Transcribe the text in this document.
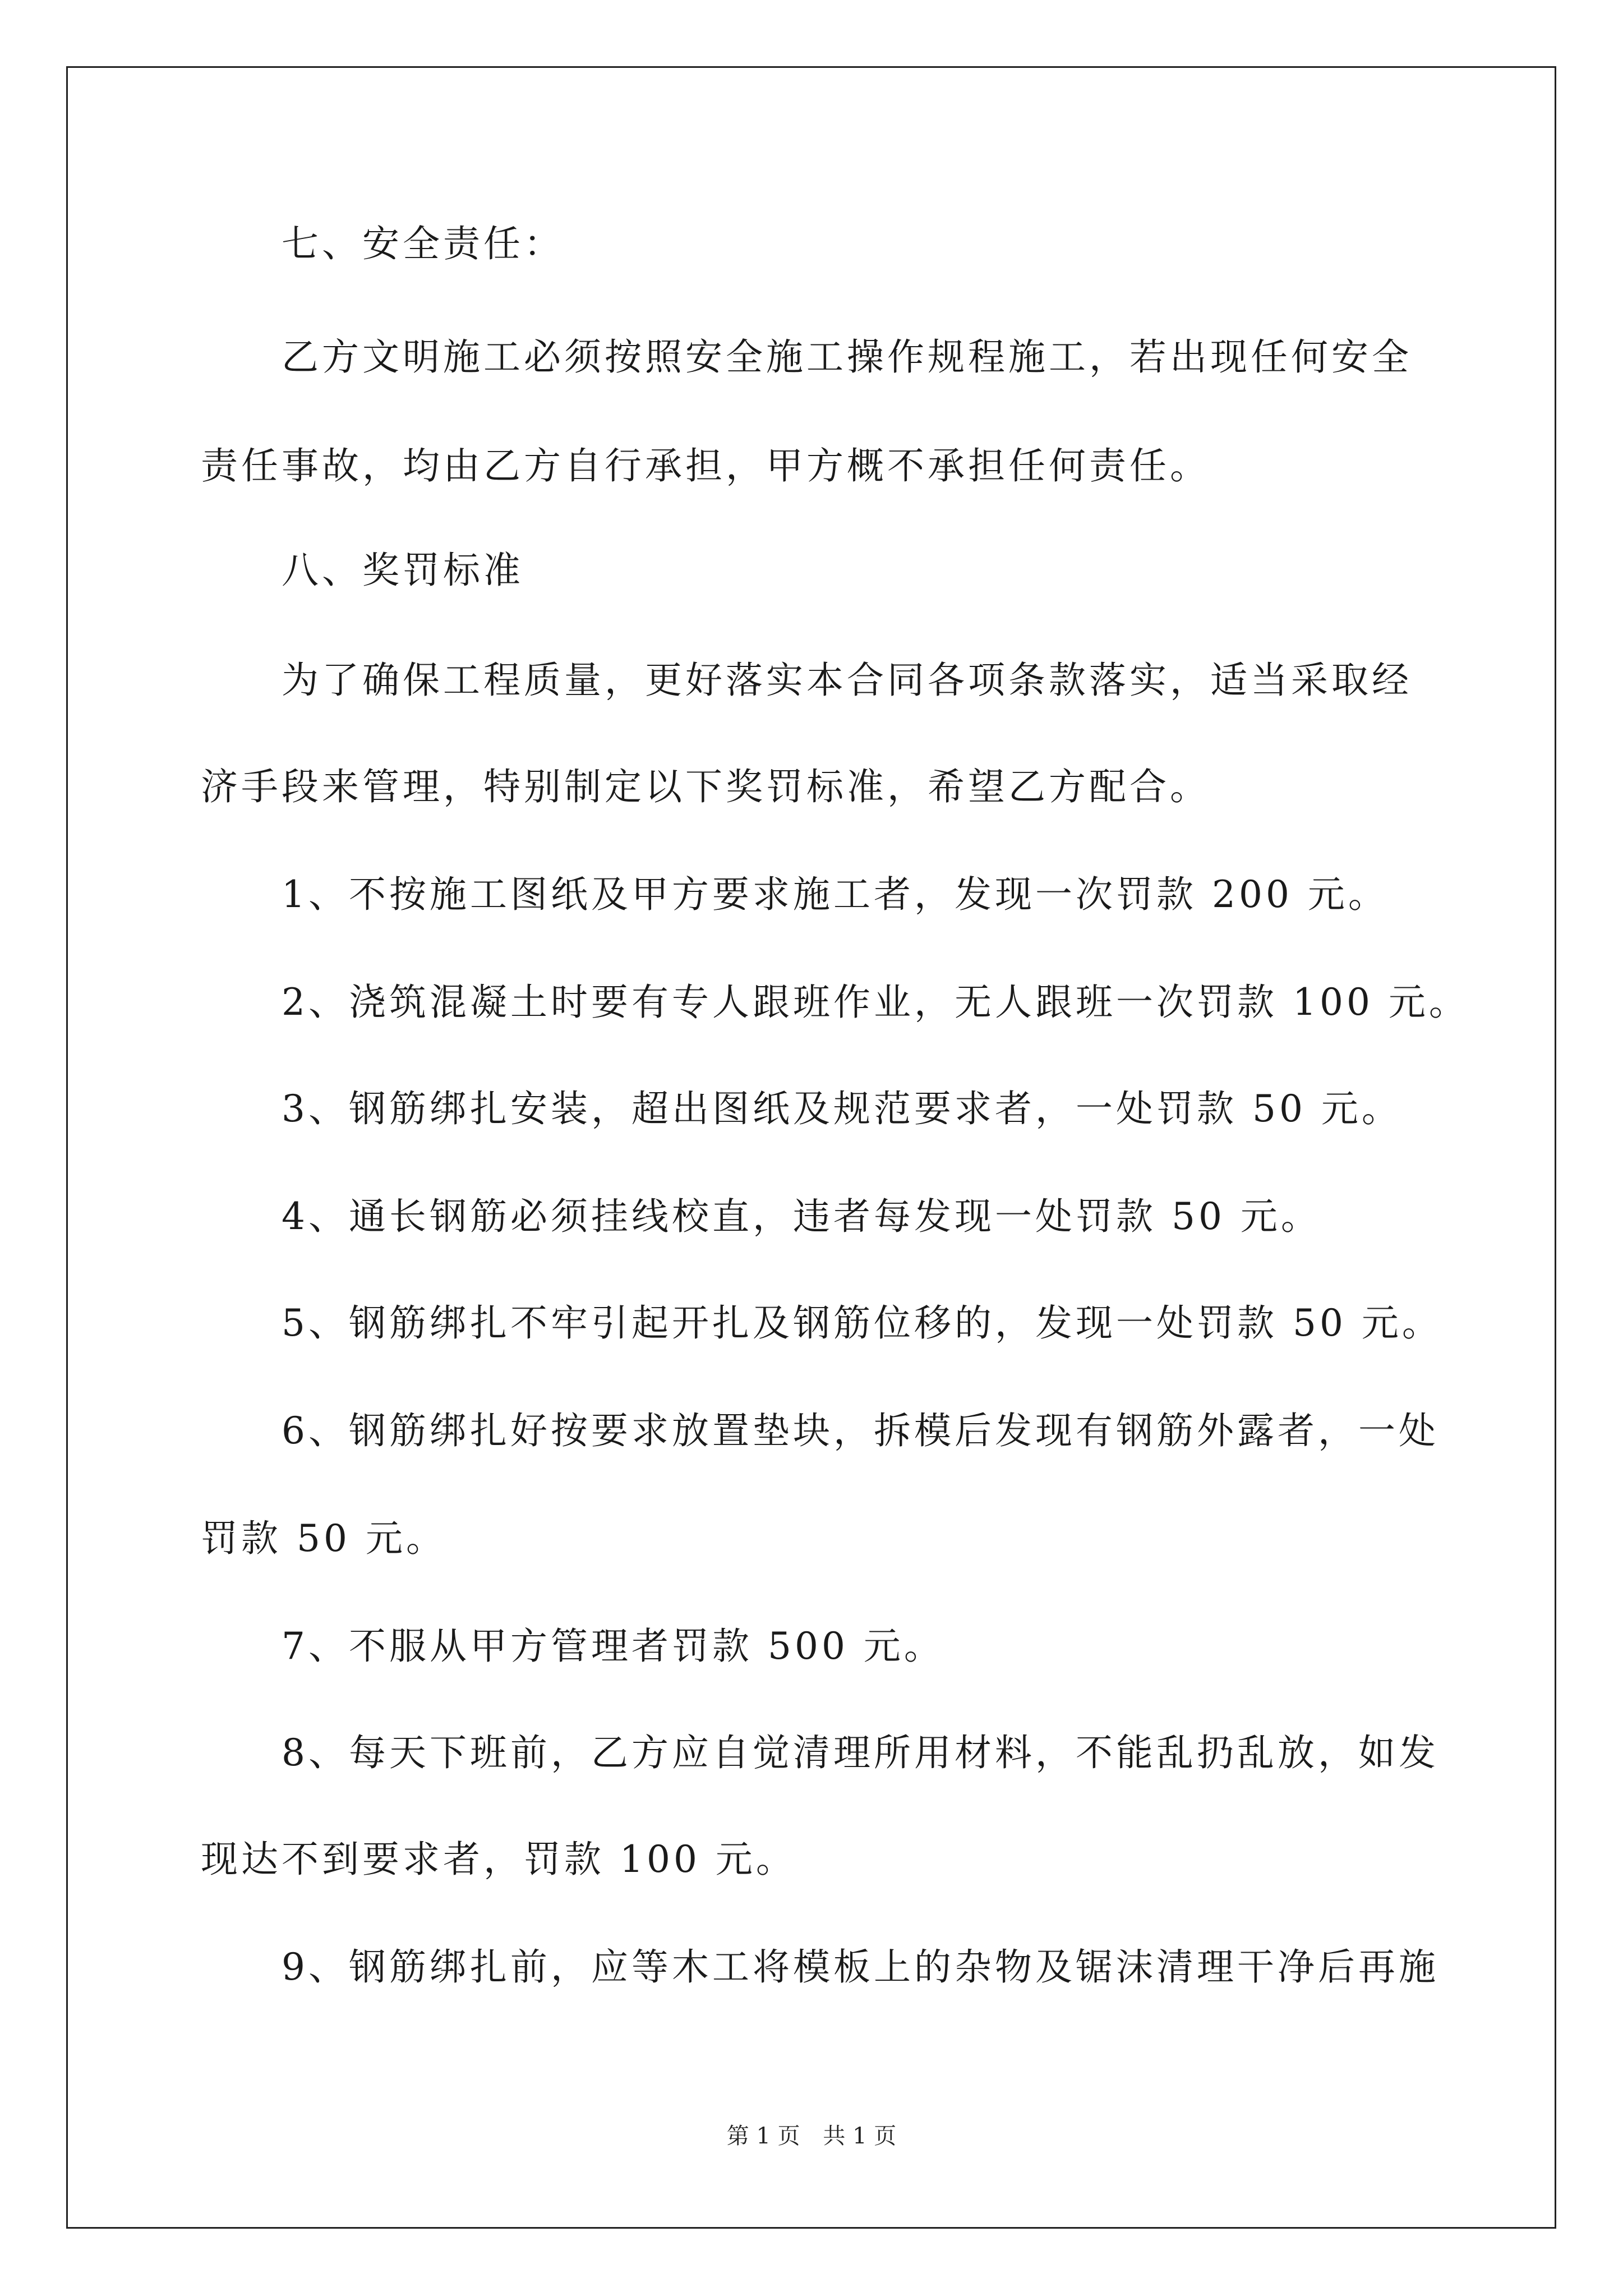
七、安全责任：

乙方文明施工必须按照安全施工操作规程施工，若出现任何安全

责任事故，均由乙方自行承担，甲方概不承担任何责任。

八、奖罚标准

为了确保工程质量，更好落实本合同各项条款落实，适当采取经

济手段来管理，特别制定以下奖罚标准，希望乙方配合。

1、不按施工图纸及甲方要求施工者，发现一次罚款 200 元。

2、浇筑混凝土时要有专人跟班作业，无人跟班一次罚款 100 元。

3、钢筋绑扎安装，超出图纸及规范要求者，一处罚款 50 元。

4、通长钢筋必须挂线校直，违者每发现一处罚款 50 元。

5、钢筋绑扎不牢引起开扎及钢筋位移的，发现一处罚款 50 元。

6、钢筋绑扎好按要求放置垫块，拆模后发现有钢筋外露者，一处

罚款 50 元。

7、不服从甲方管理者罚款 500 元。

8、每天下班前，乙方应自觉清理所用材料，不能乱扔乱放，如发

现达不到要求者，罚款 100 元。

9、钢筋绑扎前，应等木工将模板上的杂物及锯沫清理干净后再施

第 1 页 共 1 页
